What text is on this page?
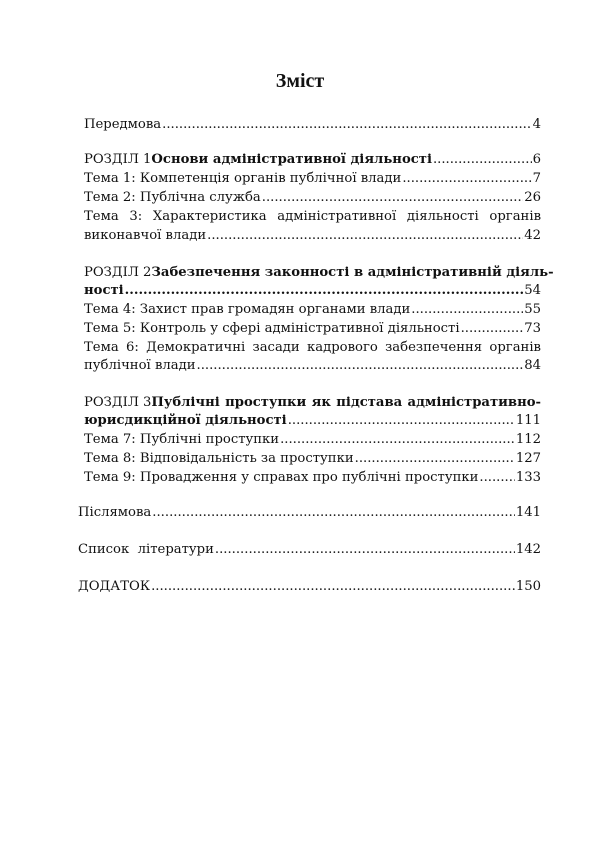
Зміст
Передмова .....	4
РОЗДІЛ 1 Основи адміністративної діяльності .....	6
Тема 1: Компетенція органів публічної влади .....	7
Тема 2: Публічна служба .....	26
Тема 3: Характеристика адміністративної діяльності органів
виконавчої влади .....	42
РОЗДІЛ 2 Забезпечення законності в адміністративній діяль-
ності .....	54
Тема 4: Захист прав громадян органами влади .....	55
Тема 5: Контроль у сфері адміністративної діяльності .....	73
Тема 6: Демократичні засади кадрового забезпечення органів
публічної влади .....	84
РОЗДІЛ 3 Публічні проступки як підстава адміністративно-
юрисдикційної діяльності .....	111
Тема 7: Публічні проступки .....	112
Тема 8: Відповідальність за проступки .....	127
Тема 9: Провадження у справах про публічні проступки .....	133
Післямова .....	141
Список  літератури .....	142
ДОДАТОК .....	150
